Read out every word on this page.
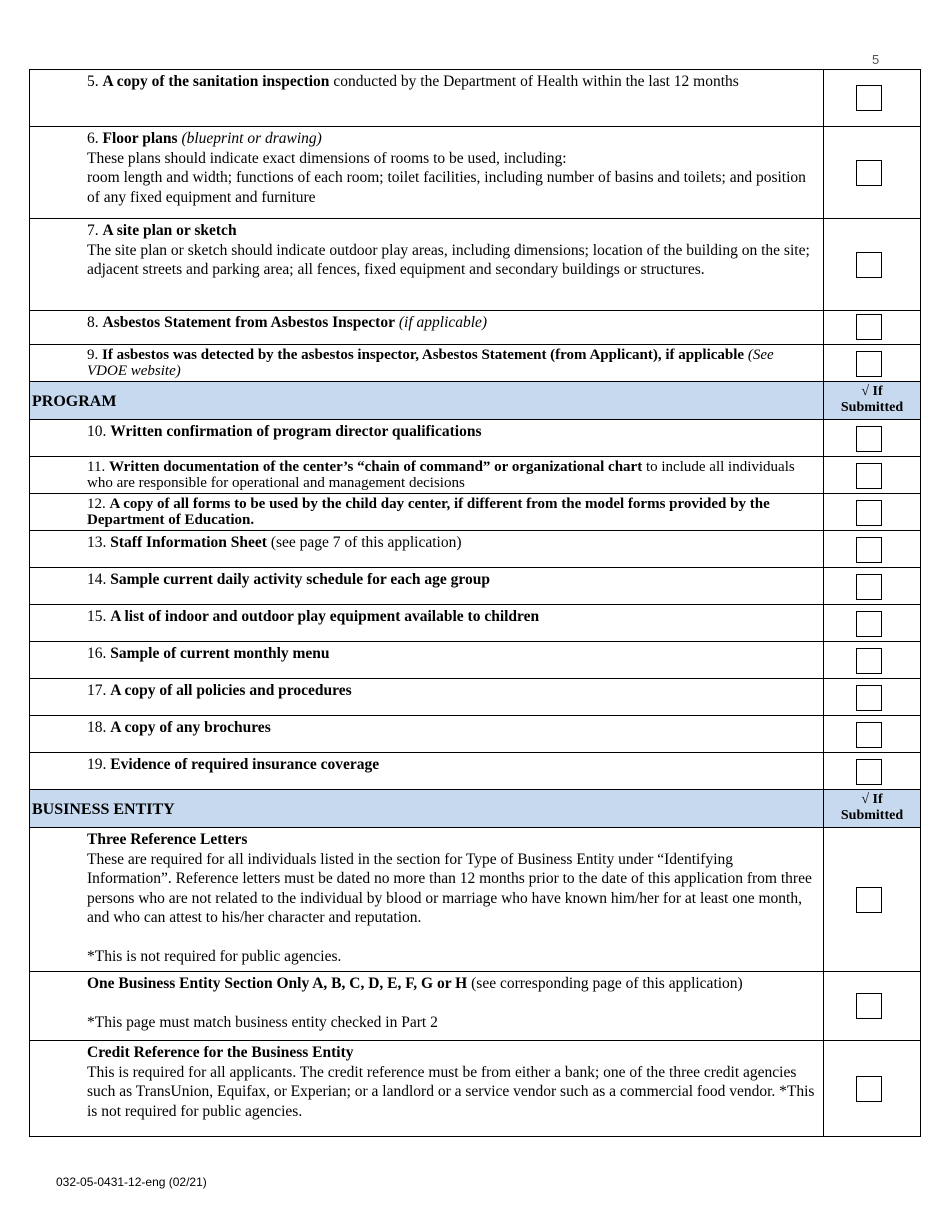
5
5. A copy of the sanitation inspection conducted by the Department of Health within the last 12 months
6. Floor plans (blueprint or drawing)
These plans should indicate exact dimensions of rooms to be used, including:
room length and width; functions of each room; toilet facilities, including number of basins and toilets; and position of any fixed equipment and furniture
7. A site plan or sketch
The site plan or sketch should indicate outdoor play areas, including dimensions; location of the building on the site; adjacent streets and parking area; all fences, fixed equipment and secondary buildings or structures.
8. Asbestos Statement from Asbestos Inspector (if applicable)
9. If asbestos was detected by the asbestos inspector, Asbestos Statement (from Applicant), if applicable (See VDOE website)
PROGRAM
√ If
Submitted
10. Written confirmation of program director qualifications
11. Written documentation of the center’s “chain of command” or organizational chart to include all individuals who are responsible for operational and management decisions
12. A copy of all forms to be used by the child day center, if different from the model forms provided by the Department of Education.
13. Staff Information Sheet (see page 7 of this application)
14. Sample current daily activity schedule for each age group
15. A list of indoor and outdoor play equipment available to children
16. Sample of current monthly menu
17. A copy of all policies and procedures
18. A copy of any brochures
19. Evidence of required insurance coverage
BUSINESS ENTITY
√ If
Submitted
Three Reference Letters
These are required for all individuals listed in the section for Type of Business Entity under “Identifying Information”. Reference letters must be dated no more than 12 months prior to the date of this application from three persons who are not related to the individual by blood or marriage who have known him/her for at least one month, and who can attest to his/her character and reputation.

*This is not required for public agencies.
One Business Entity Section Only A, B, C, D, E, F, G or H (see corresponding page of this application)

*This page must match business entity checked in Part 2
Credit Reference for the Business Entity
This is required for all applicants. The credit reference must be from either a bank; one of the three credit agencies such as TransUnion, Equifax, or Experian; or a landlord or a service vendor such as a commercial food vendor. *This is not required for public agencies.
032-05-0431-12-eng (02/21)
